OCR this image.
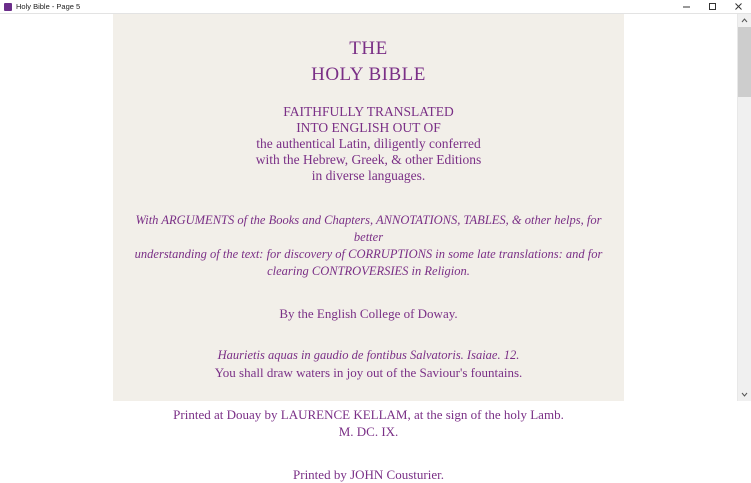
Holy Bible - Page 5
THE
HOLY BIBLE
FAITHFULLY TRANSLATED
INTO ENGLISH OUT OF
the authentical Latin, diligently conferred
with the Hebrew, Greek, & other Editions
in diverse languages.
With ARGUMENTS of the Books and Chapters, ANNOTATIONS, TABLES, & other helps, for better
understanding of the text: for discovery of CORRUPTIONS in some late translations: and for
clearing CONTROVERSIES in Religion.
By the English College of Doway.
Haurietis aquas in gaudio de fontibus Salvatoris. Isaiae. 12.
You shall draw waters in joy out of the Saviour's fountains.
Printed at Douay by LAURENCE KELLAM, at the sign of the holy Lamb.
M. DC. IX.
Printed by JOHN Cousturier.
